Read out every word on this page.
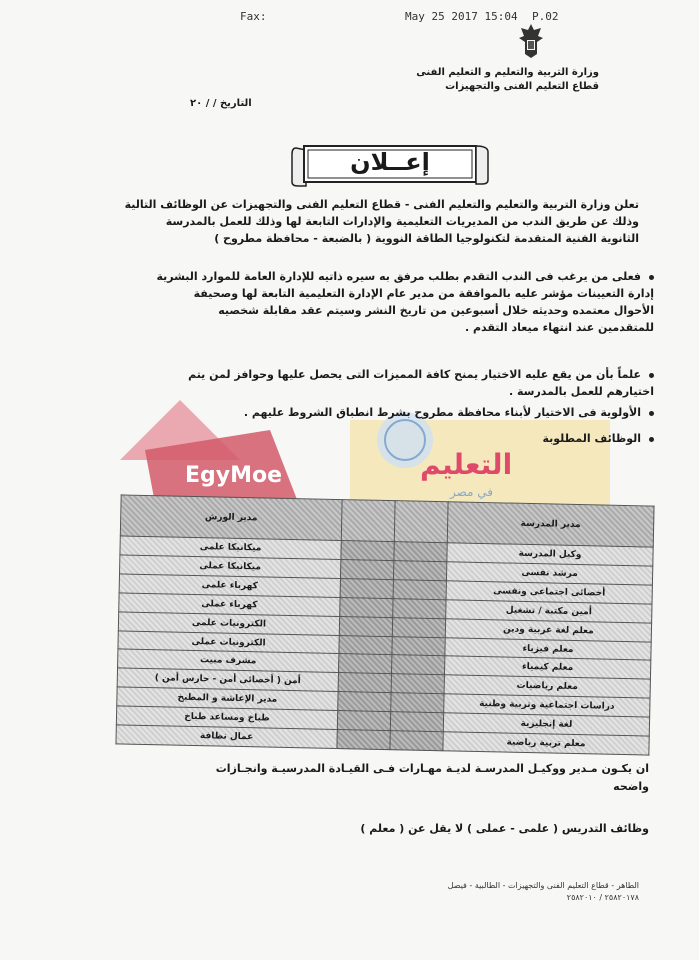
Fax:	May 25 2017 15:04 P.02
وزارة التربية والتعليم و التعليم الفنى
قطاع التعليم الفنى والتجهيزات
التاريخ / / ٢٠
إعــلان
تعلن وزارة التربية والتعليم والتعليم الفنى - قطاع التعليم الفنى والتجهيزات عن الوظائف التالية
وذلك عن طريق الندب من المديريات التعليمية والإدارات التابعة لها وذلك للعمل بالمدرسة
الثانوية الفنية المتقدمة لتكنولوجيا الطاقة النووية ( بالضبعة - محافظة مطروح )
فعلى من يرغب فى الندب التقدم بطلب مرفق به سيره ذاتيه للإدارة العامة للموارد البشرية
إدارة التعيينات مؤشر عليه بالموافقة من مدير عام الإدارة التعليمية التابعة لها وصحيفة
الأحوال معتمده وحديثه خلال أسبوعين من تاريخ النشر وسيتم عقد مقابلة شخصيه
للمتقدمين عند انتهاء ميعاد التقدم .
علماً بأن من يقع عليه الاختيار يمنح كافة المميزات التى يحصل عليها وحوافز لمن يتم
اختيارهم للعمل بالمدرسة .
EgyMoe	التعليم
في مصر
الأولوية فى الاختيار لأبناء محافظة مطروح بشرط انطباق الشروط عليهم .
الوظائف المطلوبة
مدير المدرسة			مدير الورش
وكيل المدرسة			ميكانيكا علمى
مرشد نفسى			ميكانيكا عملى
أخصائى اجتماعى ونفسى			كهرباء علمى
أمين مكتبة / تشغيل			كهرباء عملى
معلم لغة عربية ودين			الكترونيات علمى
معلم فيزياء			الكترونيات عملى
معلم كيمياء			مشرف مبيت
معلم رياضيات			أمن ( أخصائى أمن - حارس أمن )
دراسات اجتماعية وتربية وطنية			مدير الإعاشة و المطبخ
لغة إنجليزية			طباخ ومساعد طباخ
معلم تربية رياضية			عمال نظافة
ان يكـون مـدير ووكيـل المدرسـة لديـة مهـارات فـى القيـادة المدرسيـة وانجـازات
واضحه
وظائف التدريس ( علمى - عملى ) لا يقل عن ( معلم )
الطاهر - قطاع التعليم الفنى والتجهيزات - الطالبية - فيصل
٢٥٨٢٠١٧٨ / ٢٥٨٢٠١٠
